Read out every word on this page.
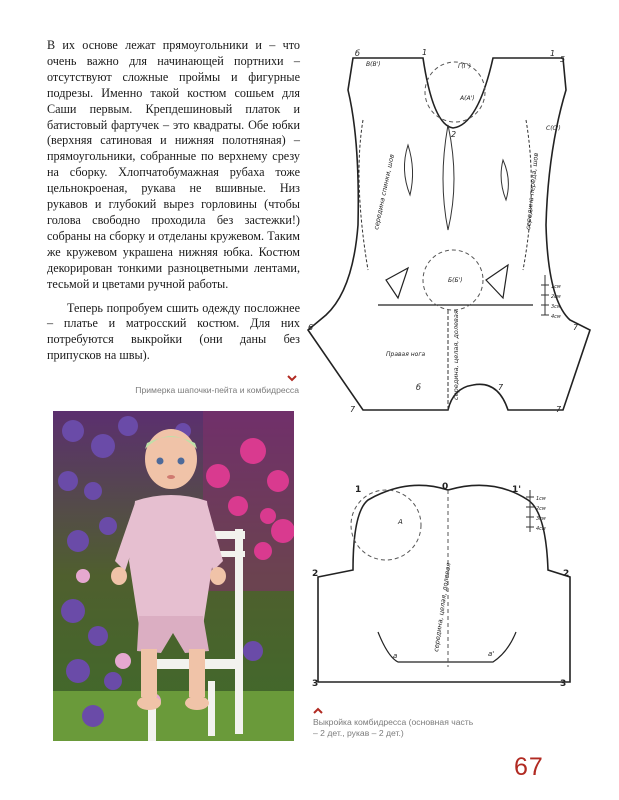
В их основе лежат прямоугольники и – что очень важно для начинающей портнихи – отсутствуют сложные проймы и фигурные подрезы. Именно такой костюм сошьем для Саши первым. Крепдешиновый платок и батистовый фартучек – это квадраты. Обе юбки (верхняя сатиновая и нижняя полотняная) – прямоугольники, собранные по верхнему срезу на сборку. Хлопчатобумажная рубаха тоже цельнокроеная, рукава не вшивные. Низ рукавов и глубокий вырез горловины (чтобы голова свободно проходила без застежки!) собраны на сборку и отделаны кружевом. Таким же кружевом украшена нижняя юбка. Костюм декорирован тонкими разноцветными лентами, тесьмой и цветами ручной работы.

Теперь попробуем сшить одежду посложнее – платье и матросский костюм. Для них потребуются выкройки (они даны без припусков на швы).

Примерка шапочки-пейта и комбидресса
б	1	1
5
В(В')	Г(Г')
С(С')
А(А')
Б(Б')
2
6	7
7	7
б	7
Правая нога
1см
2см
3см
4см
середина спинки, шов	середина переда, шов
середина, целая, долевая
0
1	1'
2	2
3	3
А
а	а'
1см
2см
3см
4см
середина, целая, долевая
Выкройка комбидресса (основная часть – 2 дет., рукав – 2 дет.)
67
